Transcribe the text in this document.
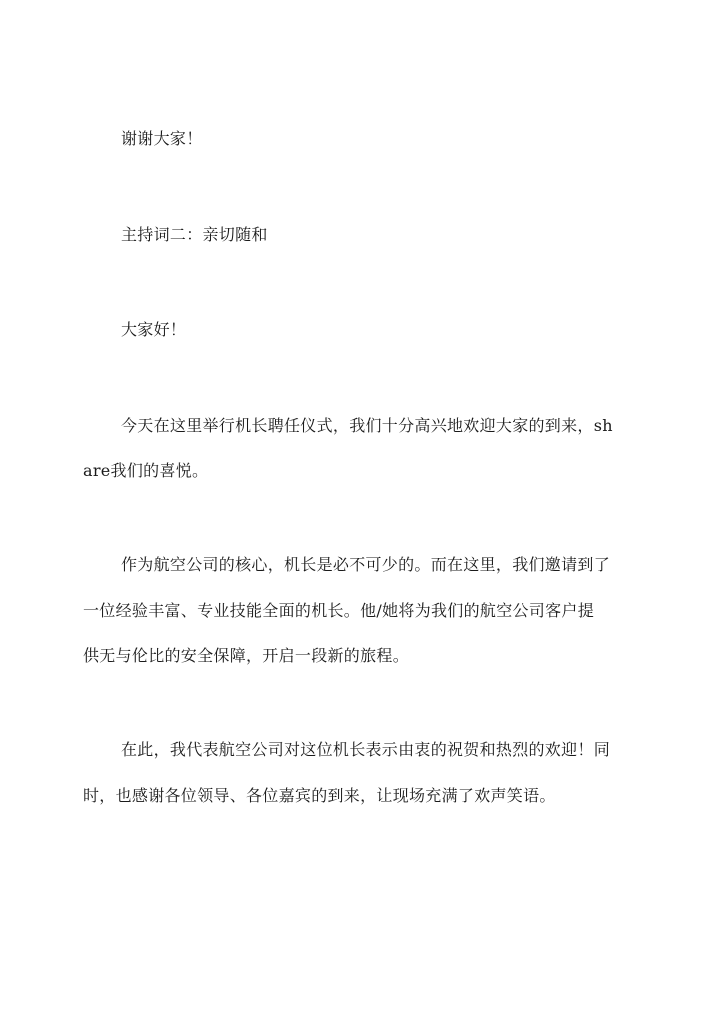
谢谢大家！
主持词二：亲切随和
大家好！
今天在这里举行机长聘任仪式，我们十分高兴地欢迎大家的到来，sh
are我们的喜悦。
作为航空公司的核心，机长是必不可少的。而在这里，我们邀请到了
一位经验丰富、专业技能全面的机长。他/她将为我们的航空公司客户提
供无与伦比的安全保障，开启一段新的旅程。
在此，我代表航空公司对这位机长表示由衷的祝贺和热烈的欢迎！同
时，也感谢各位领导、各位嘉宾的到来，让现场充满了欢声笑语。
